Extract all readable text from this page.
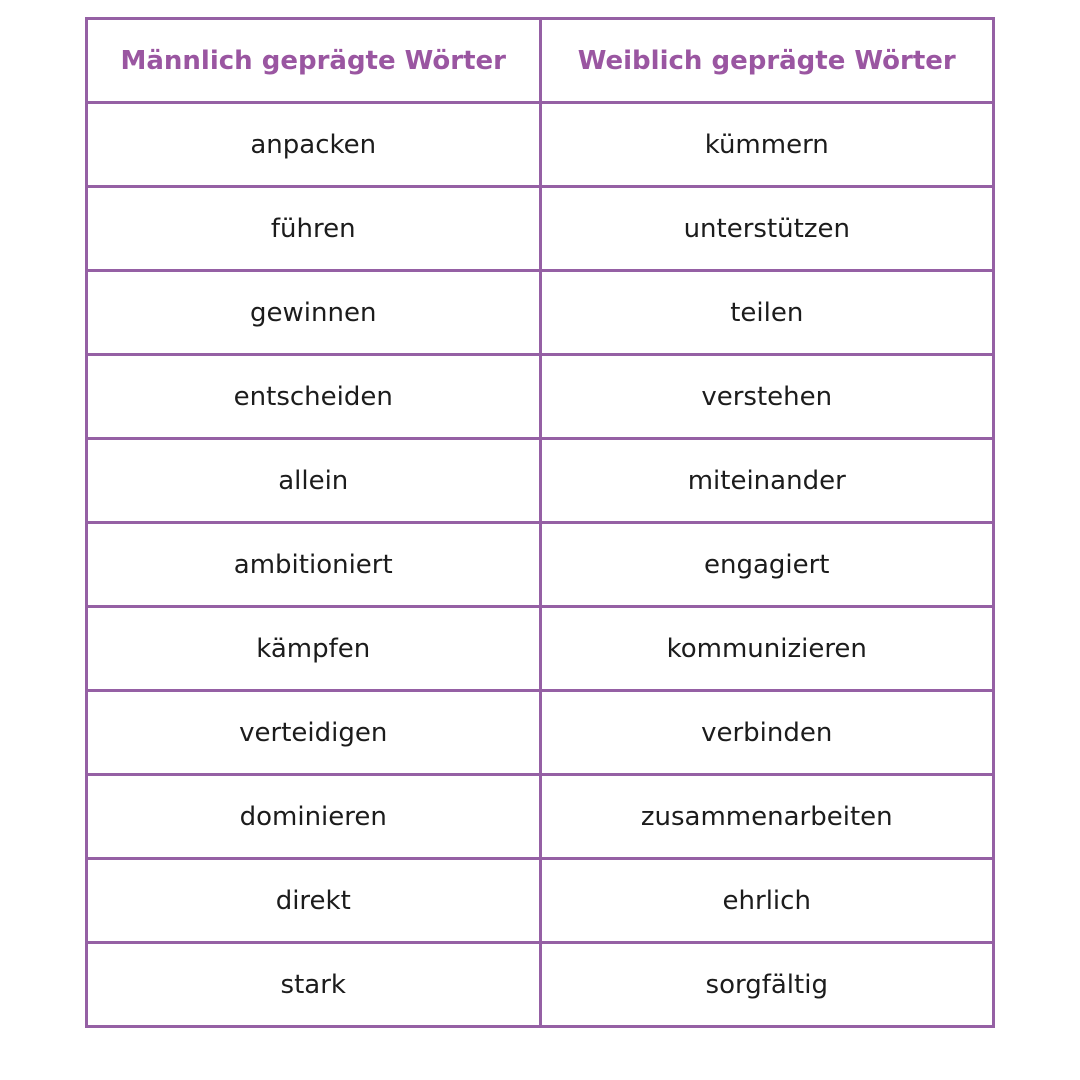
Männlich geprägte Wörter	Weiblich geprägte Wörter
anpacken	kümmern
führen	unterstützen
gewinnen	teilen
entscheiden	verstehen
allein	miteinander
ambitioniert	engagiert
kämpfen	kommunizieren
verteidigen	verbinden
dominieren	zusammenarbeiten
direkt	ehrlich
stark	sorgfältig
